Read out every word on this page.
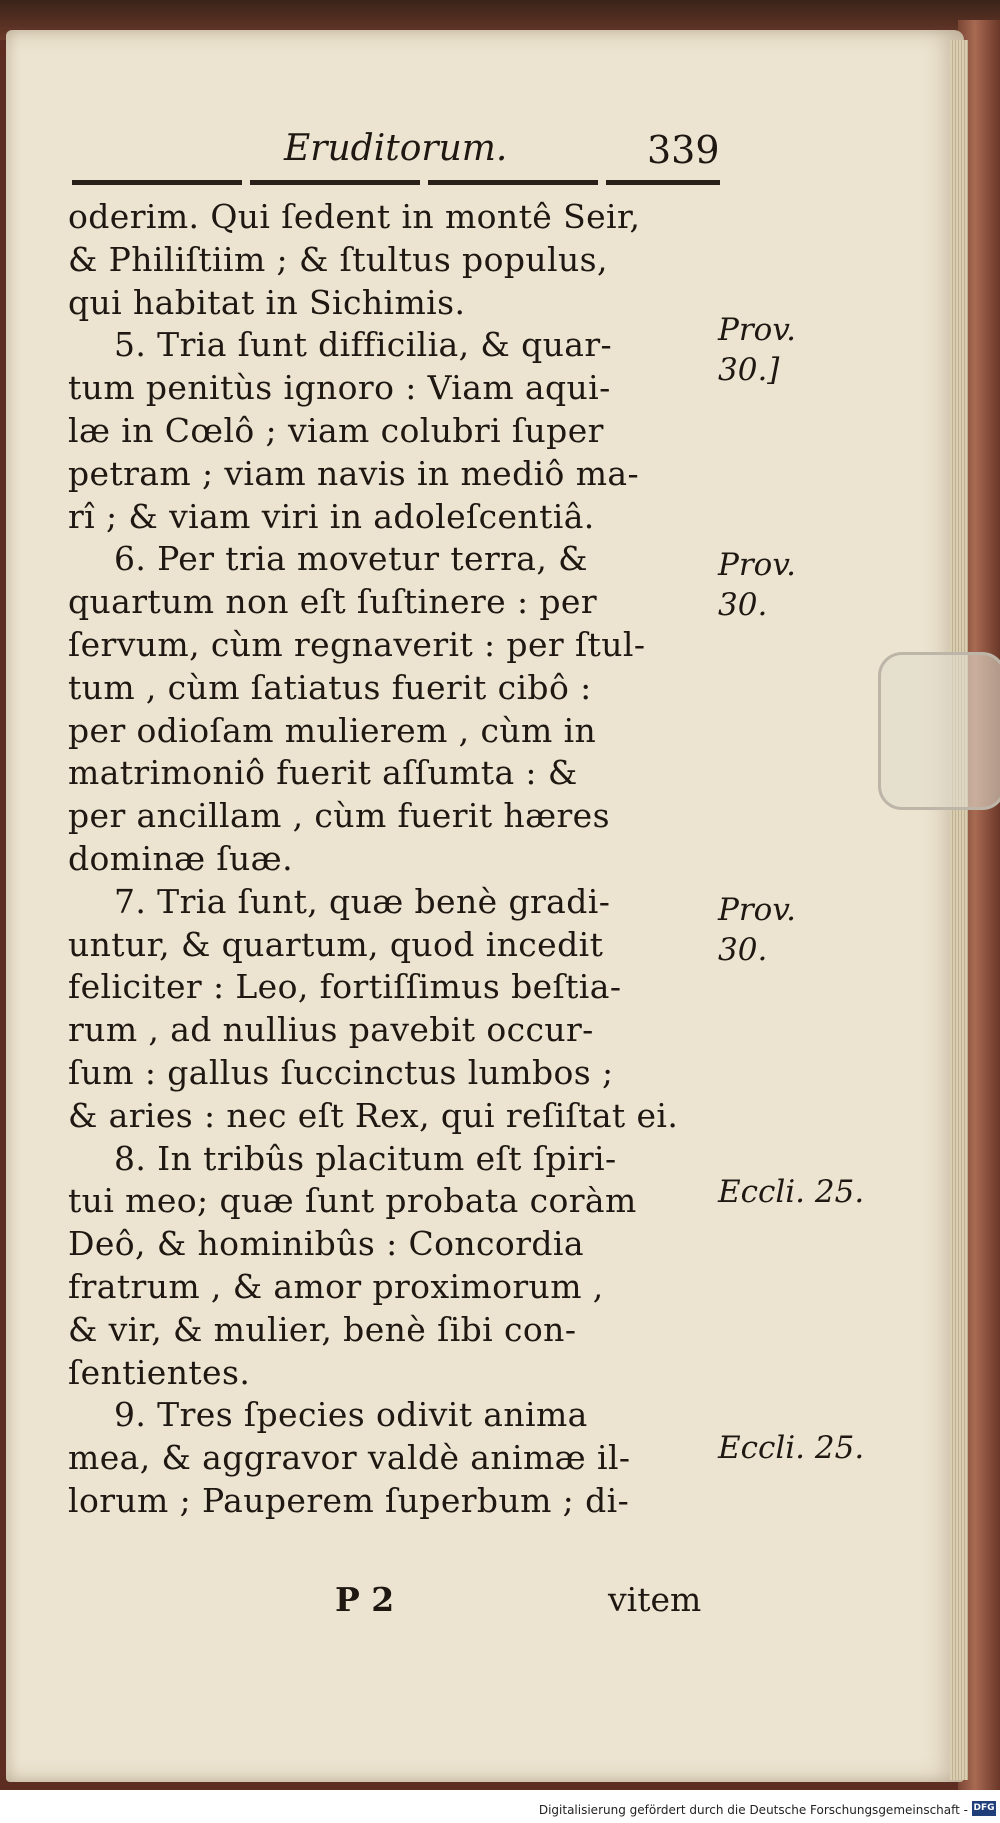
Eruditorum.	339
oderim. Qui ſedent in montê Seir,
& Philiſtiim ; & ſtultus populus,
qui habitat in Sichimis.
5. Tria ſunt difficilia, & quar-
tum penitùs ignoro : Viam aqui-
læ in Cœlô ; viam colubri ſuper
petram ; viam navis in mediô ma-
rî ; & viam viri in adoleſcentiâ.
6. Per tria movetur terra, &
quartum non eſt ſuſtinere : per
ſervum, cùm regnaverit : per ſtul-
tum , cùm ſatiatus fuerit cibô :
per odioſam mulierem , cùm in
matrimoniô fuerit aſſumta : &
per ancillam , cùm fuerit hæres
dominæ ſuæ.
7. Tria ſunt, quæ benè gradi-
untur, & quartum, quod incedit
feliciter : Leo, fortiſſimus beſtia-
rum , ad nullius pavebit occur-
ſum : gallus ſuccinctus lumbos ;
& aries : nec eſt Rex, qui reſiſtat ei.
8. In tribûs placitum eſt ſpiri-
tui meo; quæ ſunt probata coràm
Deô, & hominibûs : Concordia
fratrum , & amor proximorum ,
& vir, & mulier, benè ſibi con-
ſentientes.
9. Tres ſpecies odivit anima
mea, & aggravor valdè animæ il-
lorum ; Pauperem ſuperbum ; di-
Prov.
30.]
Prov.
30.
Prov.
30.
Eccli. 25.
Eccli. 25.
P 2	vitem
Digitalisierung gefördert durch die Deutsche Forschungsgemeinschaft - DFG
